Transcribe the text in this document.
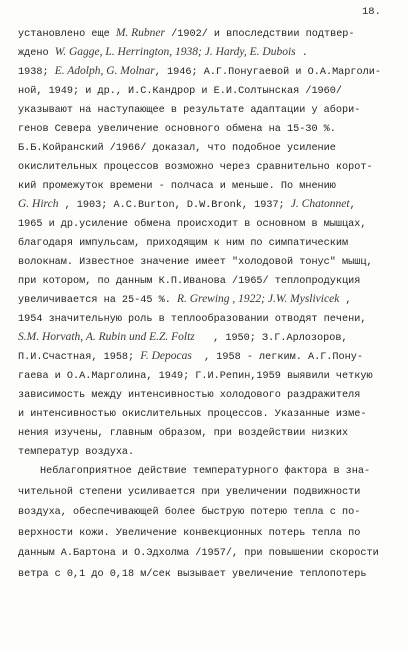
18.
установлено еще M. Rubner /1902/ и впоследствии подтвер-
ждено W. Gagge, L. Herrington, 1938; J. Hardy, E. Dubois .
1938; E. Adolph, G. Molnar, 1946; А.Г.Понугаевой и О.А.Марголи-
ной, 1949; и др., И.С.Кандрор и Е.И.Солтынская /1960/
указывают на наступающее в результате адаптации у абори-
генов Севера увеличение основного обмена на 15-30 %.
Б.Б.Койранский /1966/ доказал, что подобное усиление
окислительных процессов возможно через сравнительно корот-
кий промежуток времени - полчаса и меньше. По мнению
G. Hirch , 1903; A.C.Burton, D.W.Bronk, 1937; J. Chatonnet,
1965 и др.усиление обмена происходит в основном в мышцах,
благодаря импульсам, приходящим к ним по симпатическим
волокнам. Известное значение имеет "холодовой тонус" мышц,
при котором, по данным К.П.Иванова /1965/ теплопродукция
увеличивается на 25-45 %. R. Grewing , 1922; J.W. Myslivicek ,
1954 значительную роль в теплообразовании отводят печени,
S.M. Horvath, A. Rubin und E.Z. Foltz   , 1950; З.Г.Арлозоров,
П.И.Счастная, 1958; F. Depocas  , 1958 - легким. А.Г.Пону-
гаева и О.А.Марголина, 1949; Г.И.Репин,1959 выявили четкую
зависимость между интенсивностью холодового раздражителя
и интенсивностью окислительных процессов. Указанные изме-
нения изучены, главным образом, при воздействии низких
температур воздуха.
Неблагоприятное действие температурного фактора в зна-
чительной степени усиливается при увеличении подвижности
воздуха, обеспечивающей более быструю потерю тепла с по-
верхности кожи. Увеличение конвекционных потерь тепла по
данным А.Бартона и О.Эдхолма /1957/, при повышении скорости
ветра с 0,1 до 0,18 м/сек вызывает увеличение теплопотерь
